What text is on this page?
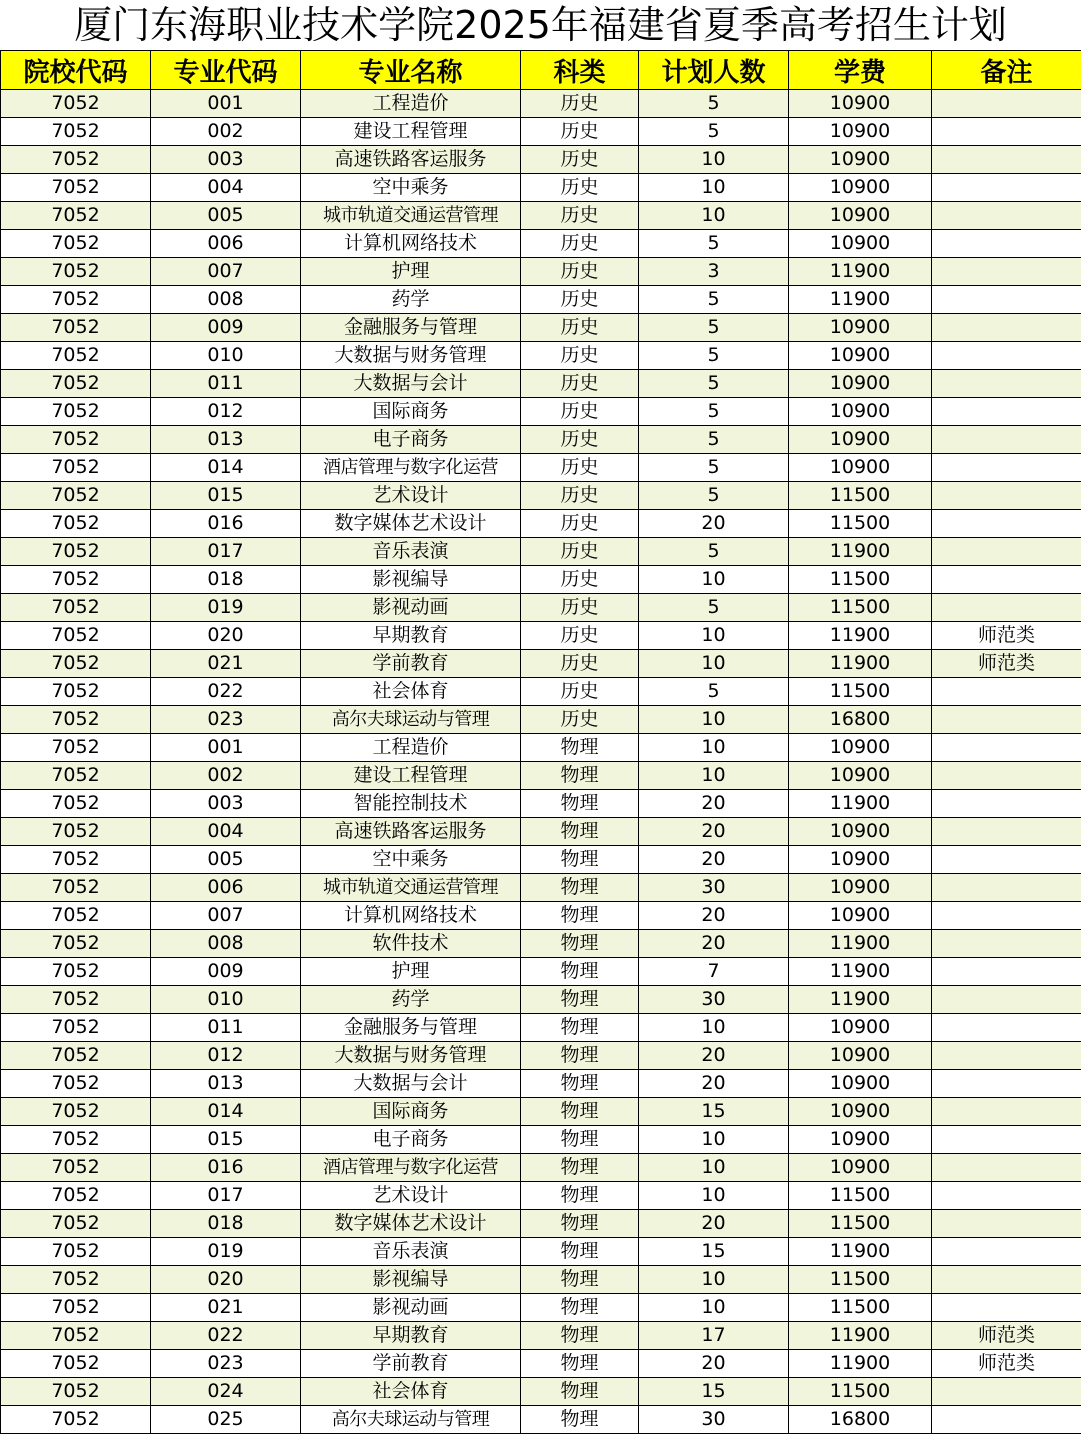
厦门东海职业技术学院2025年福建省夏季高考招生计划
院校代码	专业代码	专业名称	科类	计划人数	学费	备注
7052	001	工程造价	历史	5	10900	
7052	002	建设工程管理	历史	5	10900	
7052	003	高速铁路客运服务	历史	10	10900	
7052	004	空中乘务	历史	10	10900	
7052	005	城市轨道交通运营管理	历史	10	10900	
7052	006	计算机网络技术	历史	5	10900	
7052	007	护理	历史	3	11900	
7052	008	药学	历史	5	11900	
7052	009	金融服务与管理	历史	5	10900	
7052	010	大数据与财务管理	历史	5	10900	
7052	011	大数据与会计	历史	5	10900	
7052	012	国际商务	历史	5	10900	
7052	013	电子商务	历史	5	10900	
7052	014	酒店管理与数字化运营	历史	5	10900	
7052	015	艺术设计	历史	5	11500	
7052	016	数字媒体艺术设计	历史	20	11500	
7052	017	音乐表演	历史	5	11900	
7052	018	影视编导	历史	10	11500	
7052	019	影视动画	历史	5	11500	
7052	020	早期教育	历史	10	11900	师范类
7052	021	学前教育	历史	10	11900	师范类
7052	022	社会体育	历史	5	11500	
7052	023	高尔夫球运动与管理	历史	10	16800	
7052	001	工程造价	物理	10	10900	
7052	002	建设工程管理	物理	10	10900	
7052	003	智能控制技术	物理	20	11900	
7052	004	高速铁路客运服务	物理	20	10900	
7052	005	空中乘务	物理	20	10900	
7052	006	城市轨道交通运营管理	物理	30	10900	
7052	007	计算机网络技术	物理	20	10900	
7052	008	软件技术	物理	20	11900	
7052	009	护理	物理	7	11900	
7052	010	药学	物理	30	11900	
7052	011	金融服务与管理	物理	10	10900	
7052	012	大数据与财务管理	物理	20	10900	
7052	013	大数据与会计	物理	20	10900	
7052	014	国际商务	物理	15	10900	
7052	015	电子商务	物理	10	10900	
7052	016	酒店管理与数字化运营	物理	10	10900	
7052	017	艺术设计	物理	10	11500	
7052	018	数字媒体艺术设计	物理	20	11500	
7052	019	音乐表演	物理	15	11900	
7052	020	影视编导	物理	10	11500	
7052	021	影视动画	物理	10	11500	
7052	022	早期教育	物理	17	11900	师范类
7052	023	学前教育	物理	20	11900	师范类
7052	024	社会体育	物理	15	11500	
7052	025	高尔夫球运动与管理	物理	30	16800	
